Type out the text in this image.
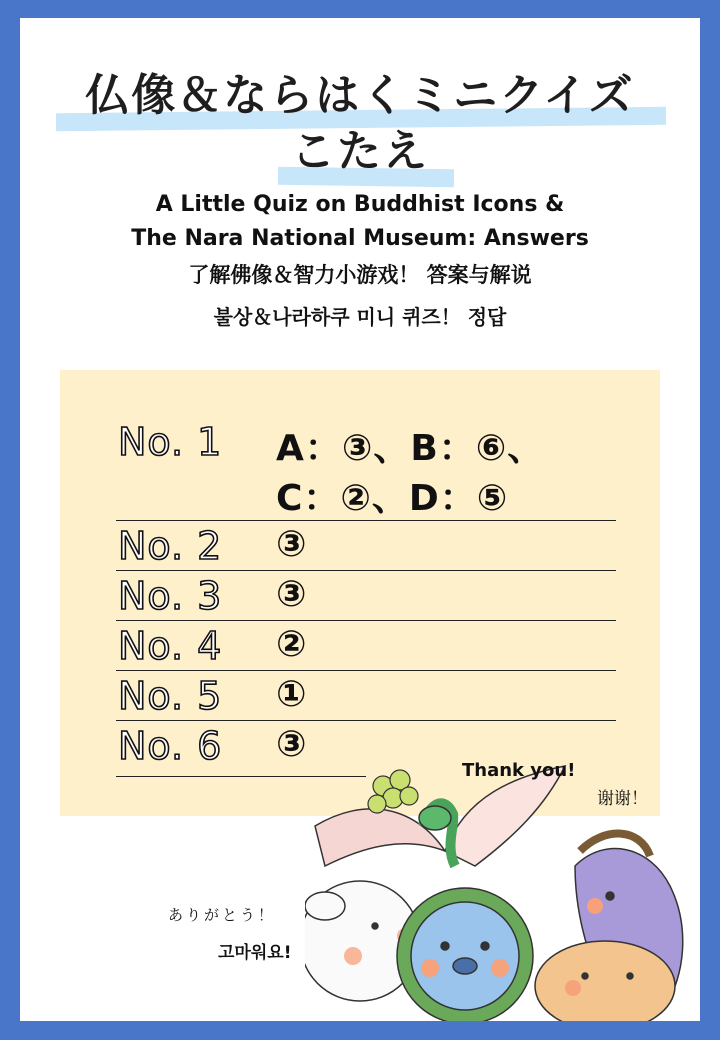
仏像＆ならはくミニクイズ
こたえ
A Little Quiz on Buddhist Icons &
The Nara National Museum: Answers
了解佛像＆智力小游戏！ 答案与解说
불상＆나라하쿠 미니 퀴즈！ 정답
No. 1 A：③、B：⑥、
C：②、D：⑤
No. 2 ③
No. 3 ③
No. 4 ②
No. 5 ①
No. 6 ③
Thank you!
谢谢！
ありがとう！
고마워요!
